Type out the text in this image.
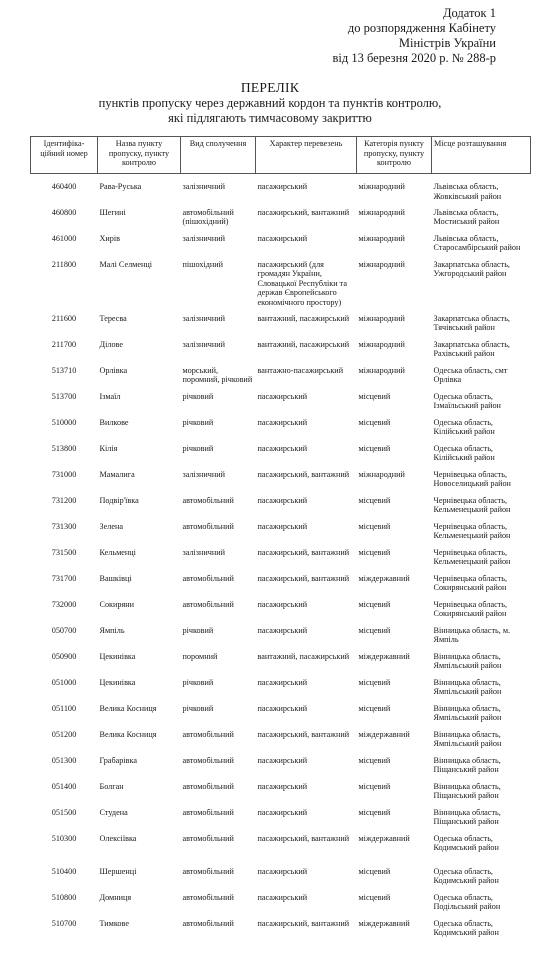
Додаток 1
до розпорядження Кабінету
Міністрів України
від 13 березня 2020 р. № 288-р
ПЕРЕЛІК
пунктів пропуску через державний кордон та пунктів контролю,
які підлягають тимчасовому закриттю
Ідентифіка-ційний номер	Назва пункту пропуску, пункту контролю	Вид сполучення	Характер перевезень	Категорія пункту пропуску, пункту контролю	Місце розташування
460400	Рава-Руська	залізничний	пасажирський	міжнародний	Львівська область, Жовківський район
460800	Шегині	автомобільний (пішохідний)	пасажирський, вантажний	міжнародний	Львівська область, Мостиський район
461000	Хирів	залізничний	пасажирський	міжнародний	Львівська область, Старосамбірський район
211800	Малі Селменці	пішохідний	пасажирський (для громадян України, Словацької Республіки та держав Європейського економічного простору)	міжнародний	Закарпатська область, Ужгородський район
211600	Тересва	залізничний	вантажний, пасажирський	міжнародний	Закарпатська область, Тячівський район
211700	Ділове	залізничний	вантажний, пасажирський	міжнародний	Закарпатська область, Рахівський район
513710	Орлівка	морський, поромний, річковий	вантажно-пасажирський	міжнародний	Одеська область, смт Орлівка
513700	Ізмаїл	річковий	пасажирський	місцевий	Одеська область, Ізмаїльський район
510000	Вилкове	річковий	пасажирський	місцевий	Одеська область, Кілійський район
513800	Кілія	річковий	пасажирський	місцевий	Одеська область, Кілійський район
731000	Мамалига	залізничний	пасажирський, вантажний	міжнародний	Чернівецька область, Новоселицький район
731200	Подвір'ївка	автомобільний	пасажирський	місцевий	Чернівецька область, Кельменецький район
731300	Зелена	автомобільний	пасажирський	місцевий	Чернівецька область, Кельменецький район
731500	Кельменці	залізничний	пасажирський, вантажний	місцевий	Чернівецька область, Кельменецький район
731700	Вашківці	автомобільний	пасажирський, вантажний	міждержавний	Чернівецька область, Сокирянський район
732000	Сокиряни	автомобільний	пасажирський	місцевий	Чернівецька область, Сокирянський район
050700	Ямпіль	річковий	пасажирський	місцевий	Вінницька область, м. Ямпіль
050900	Цекинівка	поромний	вантажний, пасажирський	міждержавний	Вінницька область, Ямпільський район
051000	Цекинівка	річковий	пасажирський	місцевий	Вінницька область, Ямпільський район
051100	Велика Косниця	річковий	пасажирський	місцевий	Вінницька область, Ямпільський район
051200	Велика Косниця	автомобільний	пасажирський, вантажний	міждержавний	Вінницька область, Ямпільський район
051300	Грабарівка	автомобільний	пасажирський	місцевий	Вінницька область, Піщанський район
051400	Болган	автомобільний	пасажирський	місцевий	Вінницька область, Піщанський район
051500	Студена	автомобільний	пасажирський	місцевий	Вінницька область, Піщанський район
510300	Олексіївка	автомобільний	пасажирський, вантажний	міждержавний	Одеська область, Кодимський район
510400	Шершенці	автомобільний	пасажирський	місцевий	Одеська область, Кодимський район
510800	Домниця	автомобільний	пасажирський	місцевий	Одеська область, Подільський район
510700	Тимкове	автомобільний	пасажирський, вантажний	міждержавний	Одеська область, Кодимський район
